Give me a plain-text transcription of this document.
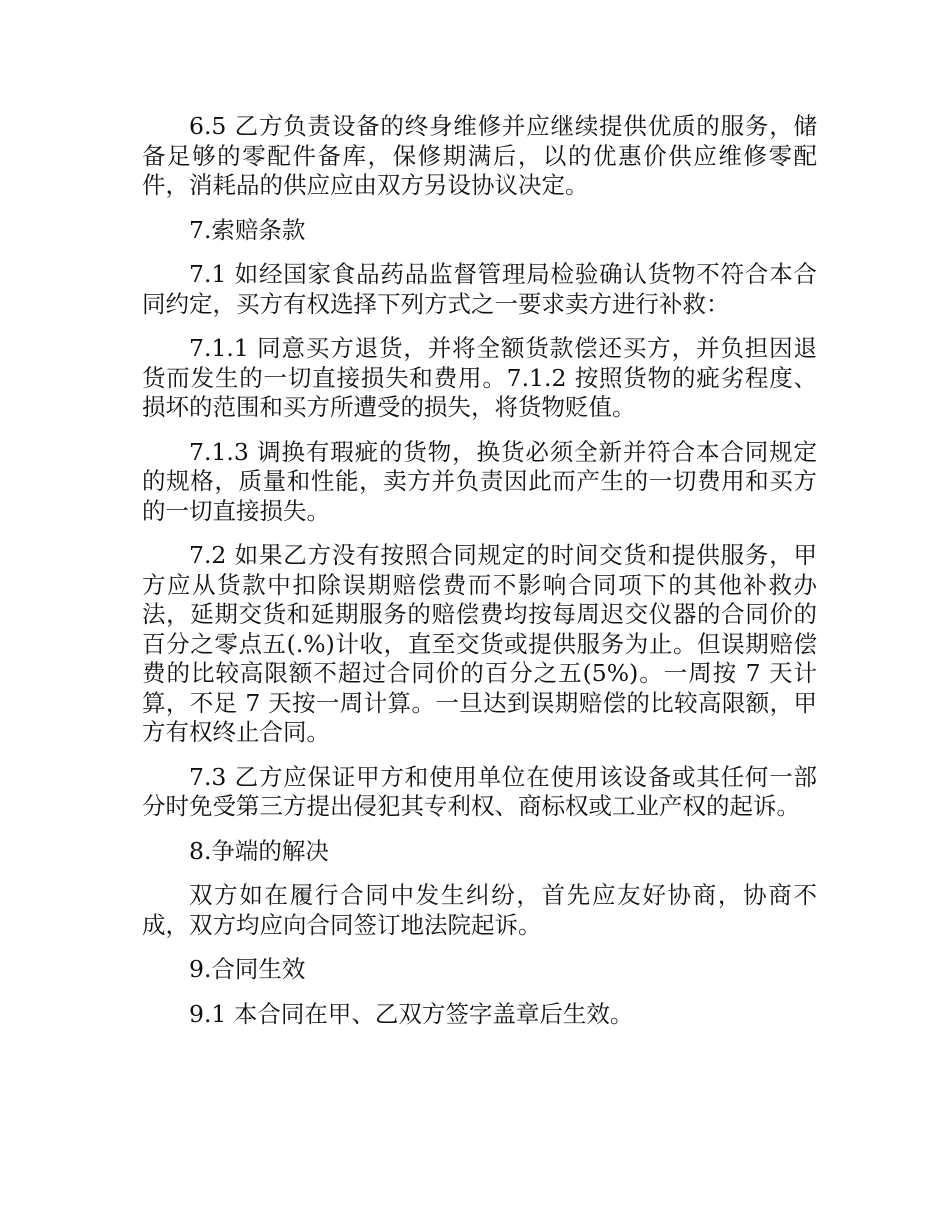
6.5 乙方负责设备的终身维修并应继续提供优质的服务，储备足够的零配件备库，保修期满后，以的优惠价供应维修零配件，消耗品的供应应由双方另设协议决定。

7.索赔条款

7.1 如经国家食品药品监督管理局检验确认货物不符合本合同约定，买方有权选择下列方式之一要求卖方进行补救：

7.1.1 同意买方退货，并将全额货款偿还买方，并负担因退货而发生的一切直接损失和费用。7.1.2 按照货物的疵劣程度、损坏的范围和买方所遭受的损失，将货物贬值。

7.1.3 调换有瑕疵的货物，换货必须全新并符合本合同规定的规格，质量和性能，卖方并负责因此而产生的一切费用和买方的一切直接损失。

7.2 如果乙方没有按照合同规定的时间交货和提供服务，甲方应从货款中扣除误期赔偿费而不影响合同项下的其他补救办法，延期交货和延期服务的赔偿费均按每周迟交仪器的合同价的百分之零点五(.%)计收，直至交货或提供服务为止。但误期赔偿费的比较高限额不超过合同价的百分之五(5%)。一周按 7 天计算，不足 7 天按一周计算。一旦达到误期赔偿的比较高限额，甲方有权终止合同。

7.3 乙方应保证甲方和使用单位在使用该设备或其任何一部分时免受第三方提出侵犯其专利权、商标权或工业产权的起诉。

8.争端的解决

双方如在履行合同中发生纠纷，首先应友好协商，协商不成，双方均应向合同签订地法院起诉。

9.合同生效

9.1 本合同在甲、乙双方签字盖章后生效。
